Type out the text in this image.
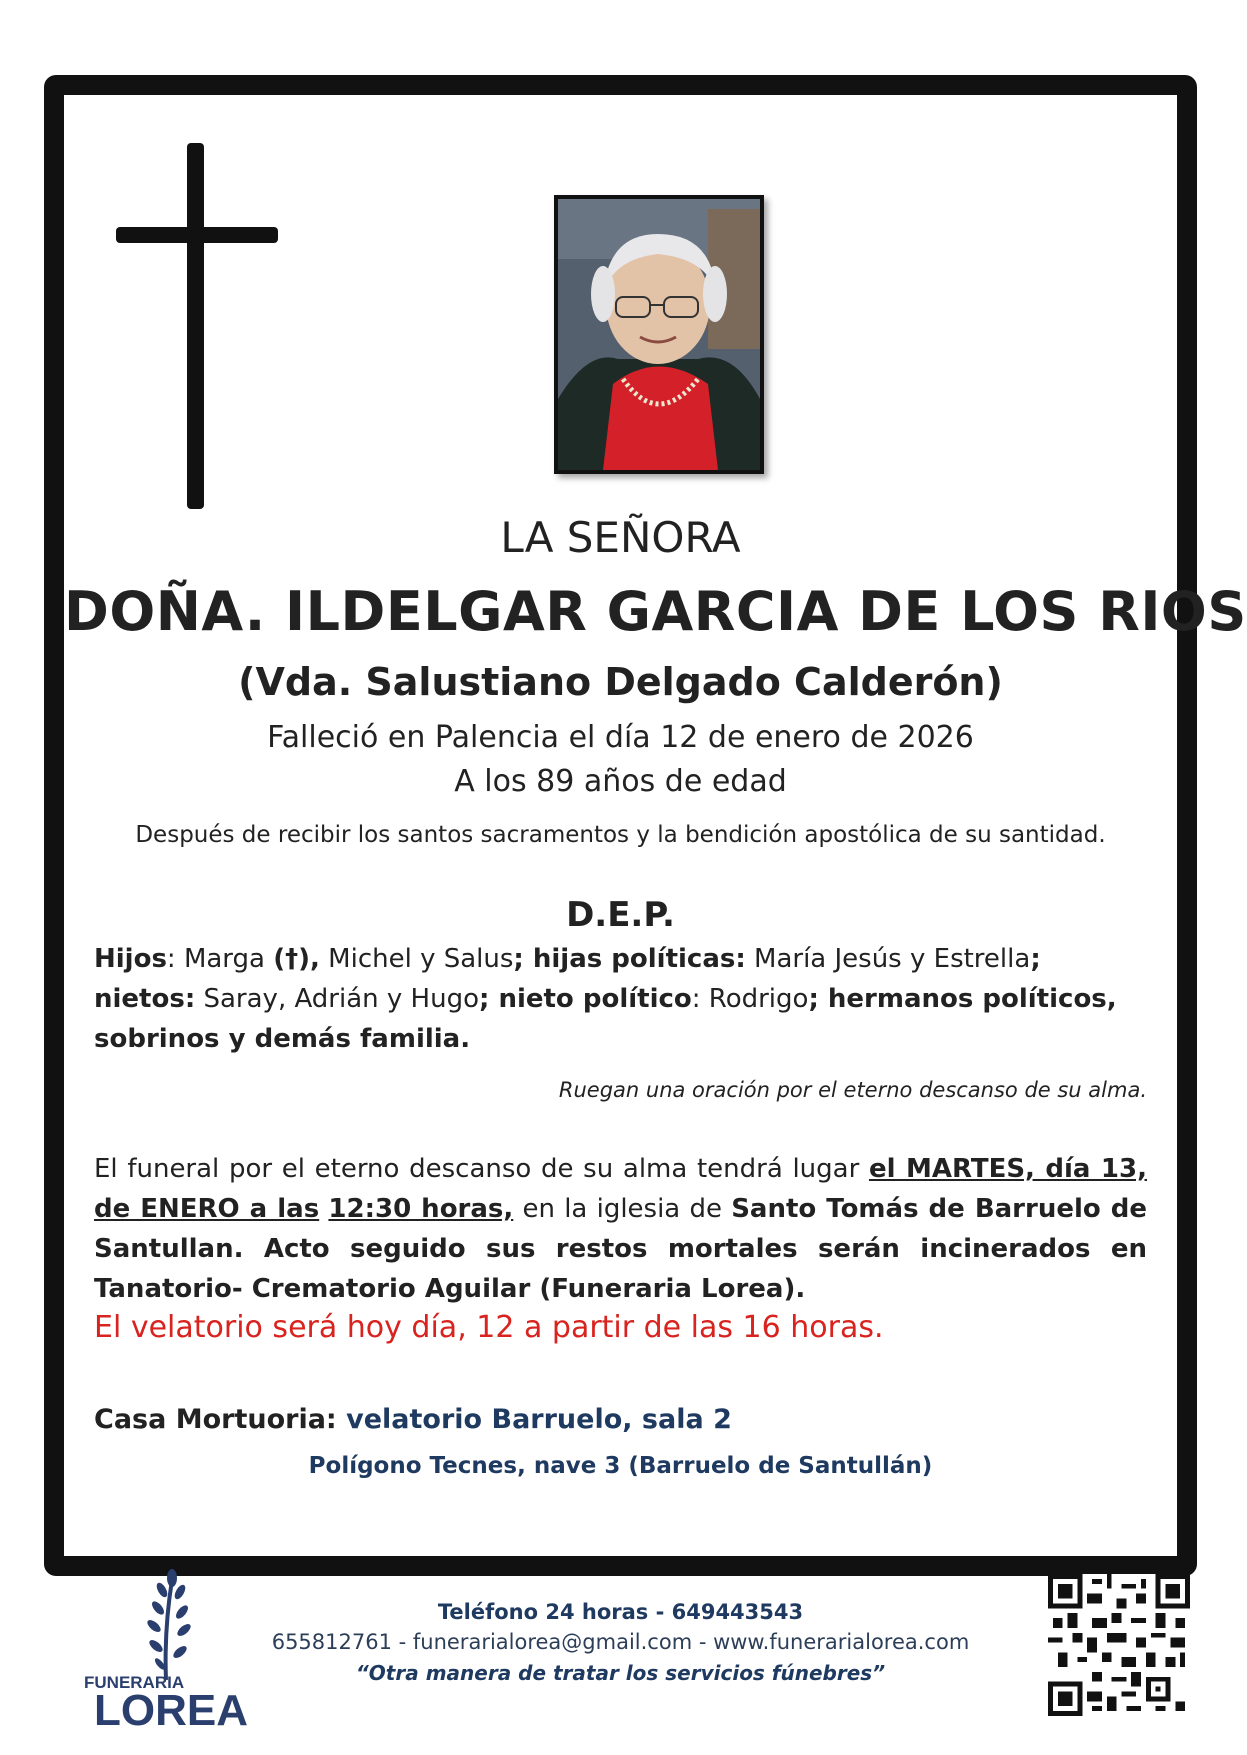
LA SEÑORA
DOÑA. ILDELGAR GARCIA DE LOS RIOS
(Vda. Salustiano Delgado Calderón)
Falleció en Palencia el día 12 de enero de 2026
A los 89 años de edad
Después de recibir los santos sacramentos y la bendición apostólica de su santidad.
D.E.P.
Hijos: Marga (†), Michel y Salus; hijas políticas: María Jesús y Estrella; nietos: Saray, Adrián y Hugo; nieto político: Rodrigo; hermanos políticos, sobrinos y demás familia.
Ruegan una oración por el eterno descanso de su alma.
El funeral por el eterno descanso de su alma tendrá lugar el MARTES, día 13, de ENERO a las 12:30 horas, en la iglesia de Santo Tomás de Barruelo de Santullan. Acto seguido sus restos mortales serán incinerados en Tanatorio- Crematorio Aguilar (Funeraria Lorea).
El velatorio será hoy día, 12 a partir de las 16 horas.
Casa Mortuoria: velatorio Barruelo, sala 2
Polígono Tecnes, nave 3 (Barruelo de Santullán)
FUNERARIA
LOREA
Teléfono 24 horas - 649443543
655812761 - funerarialorea@gmail.com - www.funerarialorea.com
“Otra manera de tratar los servicios fúnebres”
